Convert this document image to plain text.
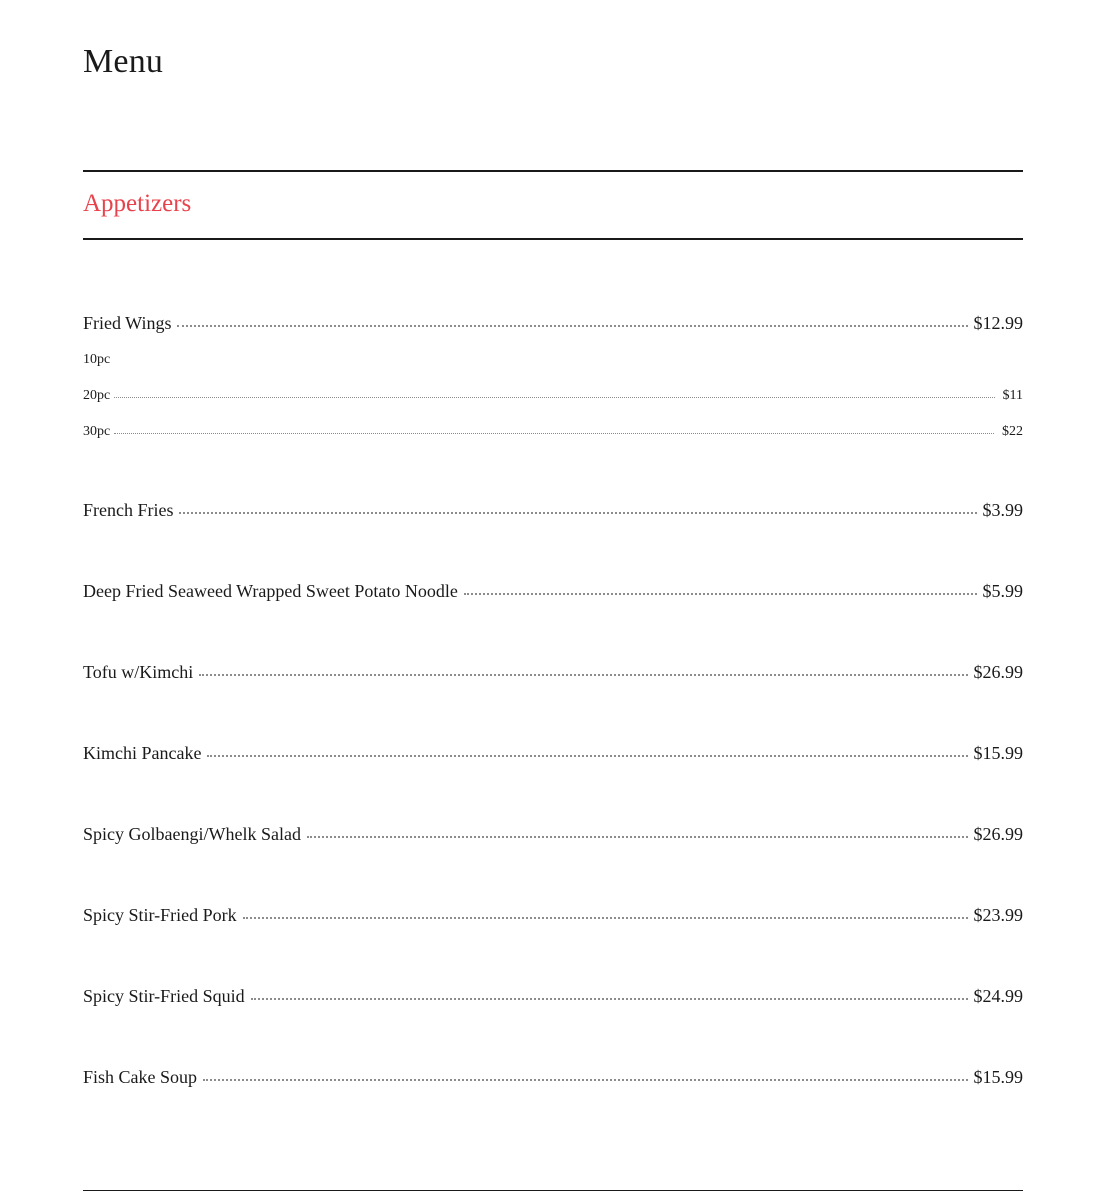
Menu
Appetizers
Fried Wings	$12.99
10pc
20pc	$11
30pc	$22
French Fries	$3.99
Deep Fried Seaweed Wrapped Sweet Potato Noodle	$5.99
Tofu w/Kimchi	$26.99
Kimchi Pancake	$15.99
Spicy Golbaengi/Whelk Salad	$26.99
Spicy Stir-Fried Pork	$23.99
Spicy Stir-Fried Squid	$24.99
Fish Cake Soup	$15.99
